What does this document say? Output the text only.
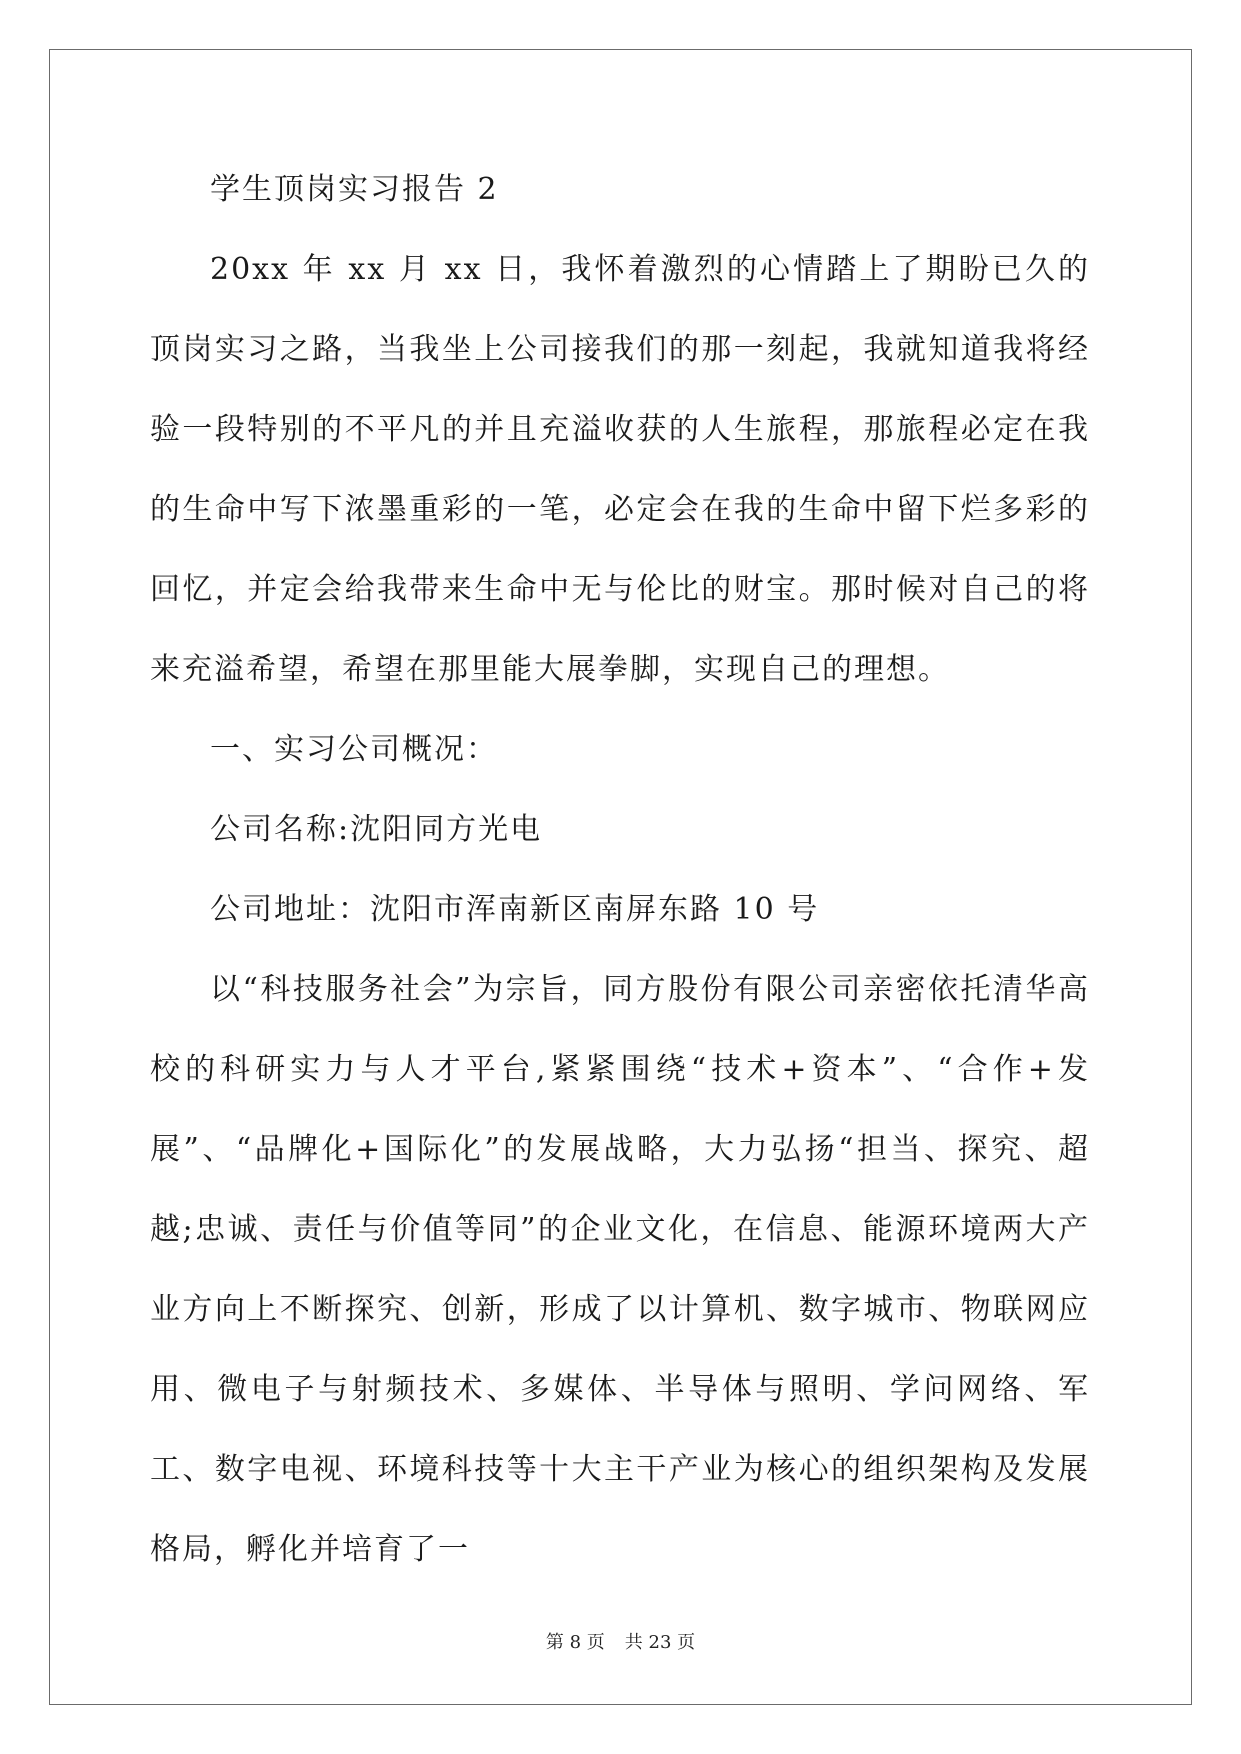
学生顶岗实习报告 2

20xx 年 xx 月 xx 日，我怀着激烈的心情踏上了期盼已久的顶岗实习之路，当我坐上公司接我们的那一刻起，我就知道我将经验一段特别的不平凡的并且充溢收获的人生旅程，那旅程必定在我的生命中写下浓墨重彩的一笔，必定会在我的生命中留下烂多彩的回忆，并定会给我带来生命中无与伦比的财宝。那时候对自己的将来充溢希望，希望在那里能大展拳脚，实现自己的理想。

一、实习公司概况：

公司名称:沈阳同方光电

公司地址：沈阳市浑南新区南屏东路 10 号

以“科技服务社会”为宗旨，同方股份有限公司亲密依托清华高校的科研实力与人才平台,紧紧围绕“技术+资本”、“合作+发展”、“品牌化+国际化”的发展战略，大力弘扬“担当、探究、超越;忠诚、责任与价值等同”的企业文化，在信息、能源环境两大产业方向上不断探究、创新，形成了以计算机、数字城市、物联网应用、微电子与射频技术、多媒体、半导体与照明、学问网络、军工、数字电视、环境科技等十大主干产业为核心的组织架构及发展格局，孵化并培育了一

第 8 页 共 23 页
